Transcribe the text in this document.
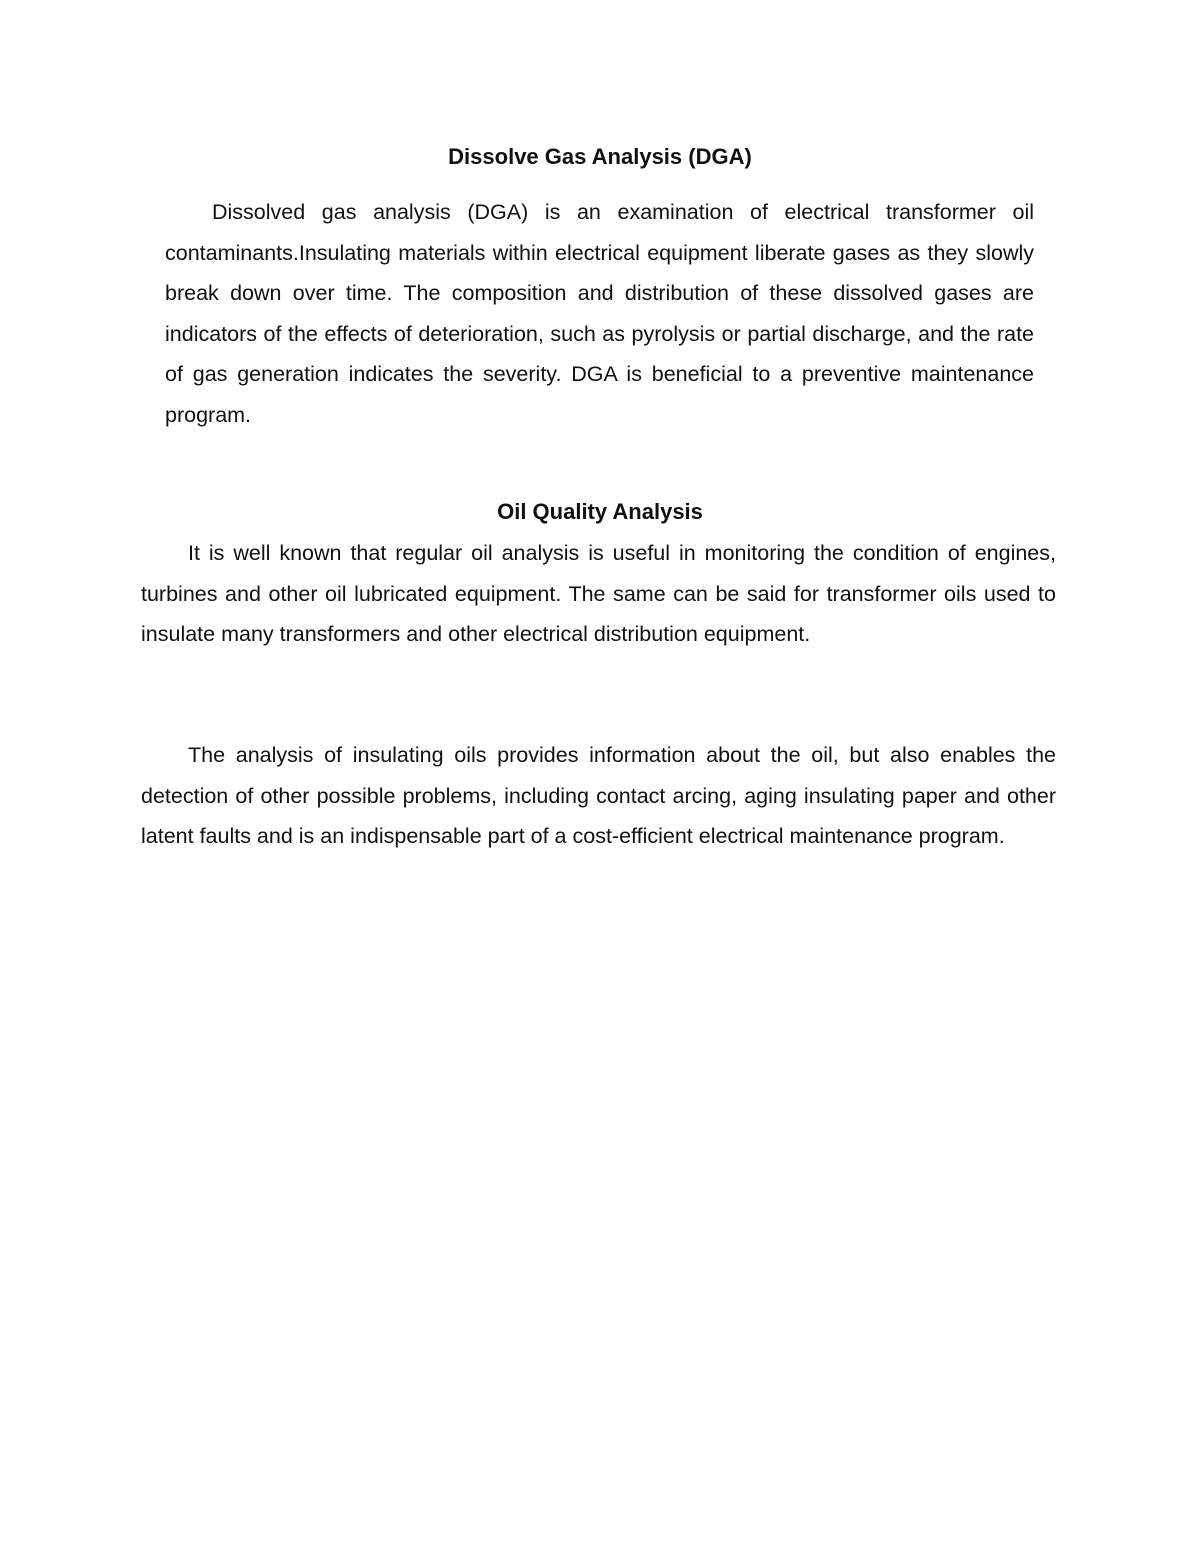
Dissolve Gas Analysis (DGA)

Dissolved gas analysis (DGA) is an examination of electrical transformer oil contaminants.Insulating materials within electrical equipment liberate gases as they slowly break down over time. The composition and distribution of these dissolved gases are indicators of the effects of deterioration, such as pyrolysis or partial discharge, and the rate of gas generation indicates the severity. DGA is beneficial to a preventive maintenance program.

Oil Quality Analysis

It is well known that regular oil analysis is useful in monitoring the condition of engines, turbines and other oil lubricated equipment. The same can be said for transformer oils used to insulate many transformers and other electrical distribution equipment.

The analysis of insulating oils provides information about the oil, but also enables the detection of other possible problems, including contact arcing, aging insulating paper and other latent faults and is an indispensable part of a cost-efficient electrical maintenance program.
